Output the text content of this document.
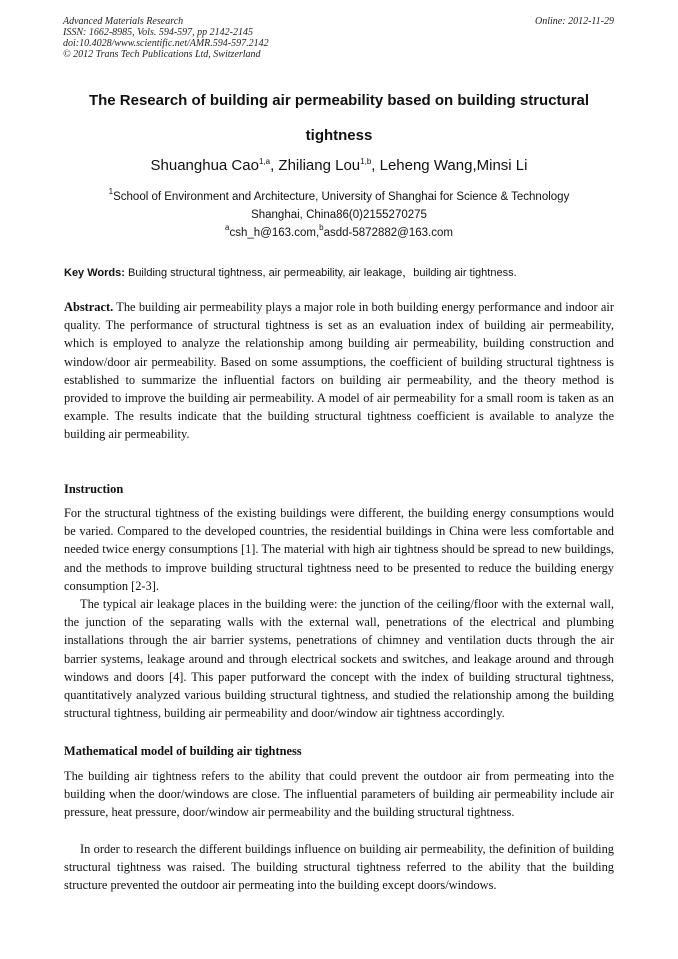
Advanced Materials Research
ISSN: 1662-8985, Vols. 594-597, pp 2142-2145
doi:10.4028/www.scientific.net/AMR.594-597.2142
© 2012 Trans Tech Publications Ltd, Switzerland
Online: 2012-11-29
The Research of building air permeability based on building structural
tightness
Shuanghua Cao$^{1,a}$, Zhiliang Lou$^{1,b}$, Leheng Wang,Minsi Li
$^1$School of Environment and Architecture, University of Shanghai for Science & Technology
Shanghai, China86(0)2155270275
$^a$csh_h@163.com,$^b$asdd-5872882@163.com
Key Words: Building structural tightness, air permeability, air leakage，building air tightness.

Abstract. The building air permeability plays a major role in both building energy performance and indoor air quality. The performance of structural tightness is set as an evaluation index of building air permeability, which is employed to analyze the relationship among building air permeability, building construction and window/door air permeability. Based on some assumptions, the coefficient of building structural tightness is established to summarize the influential factors on building air permeability, and the theory method is provided to improve the building air permeability. A model of air permeability for a small room is taken as an example. The results indicate that the building structural tightness coefficient is available to analyze the building air permeability.

Instruction

For the structural tightness of the existing buildings were different, the building energy consumptions would be varied. Compared to the developed countries, the residential buildings in China were less comfortable and needed twice energy consumptions [1]. The material with high air tightness should be spread to new buildings, and the methods to improve building structural tightness need to be presented to reduce the building energy consumption [2-3].

The typical air leakage places in the building were: the junction of the ceiling/floor with the external wall, the junction of the separating walls with the external wall, penetrations of the electrical and plumbing installations through the air barrier systems, penetrations of chimney and ventilation ducts through the air barrier systems, leakage around and through electrical sockets and switches, and leakage around and through windows and doors [4]. This paper putforward the concept with the index of building structural tightness, quantitatively analyzed various building structural tightness, and studied the relationship among the building structural tightness, building air permeability and door/window air tightness accordingly.

Mathematical model of building air tightness

The building air tightness refers to the ability that could prevent the outdoor air from permeating into the building when the door/windows are close. The influential parameters of building air permeability include air pressure, heat pressure, door/window air permeability and the building structural tightness.

In order to research the different buildings influence on building air permeability, the definition of building structural tightness was raised. The building structural tightness referred to the ability that the building structure prevented the outdoor air permeating into the building except doors/windows.
